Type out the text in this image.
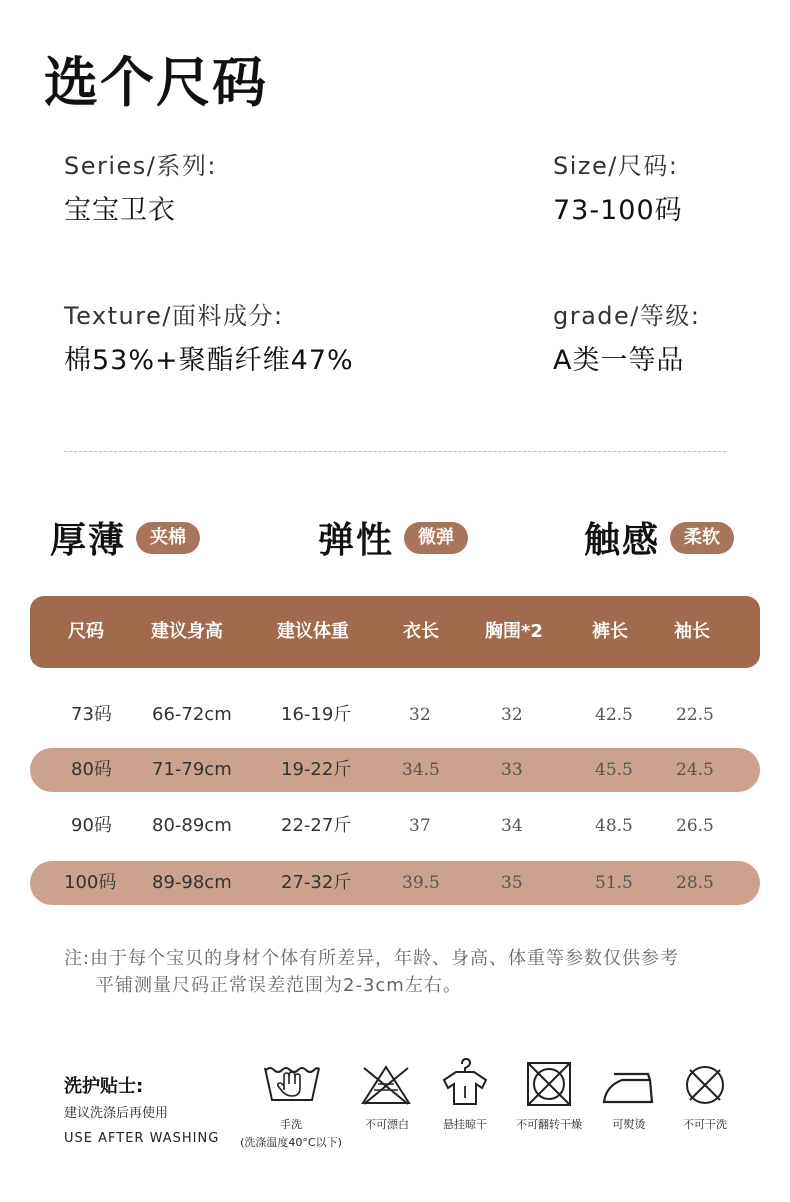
选个尺码
Series/系列:
宝宝卫衣
Size/尺码:
73-100码
Texture/面料成分:
棉53%+聚酯纤维47%
grade/等级:
A类一等品
厚薄	夹棉	弹性	微弹	触感	柔软
尺码	建议身高	建议体重	衣长	胸围*2	裤长	袖长
73码 66-72cm	16-19斤	32	32	42.5	22.5
80码 71-79cm	19-22斤	34.5	33	45.5	24.5
90码 80-89cm	22-27斤	37	34	48.5	26.5
100码 89-98cm	27-32斤	39.5	35	51.5	28.5
注:由于每个宝贝的身材个体有所差异，年龄、身高、体重等参数仅供参考
平铺测量尺码正常误差范围为2-3cm左右。
洗护贴士:
建议洗涤后再使用
USE AFTER WASHING
手洗
(洗涤温度40°C以下)
不可漂白	悬挂晾干	不可翻转干燥	可熨烫	不可干洗
